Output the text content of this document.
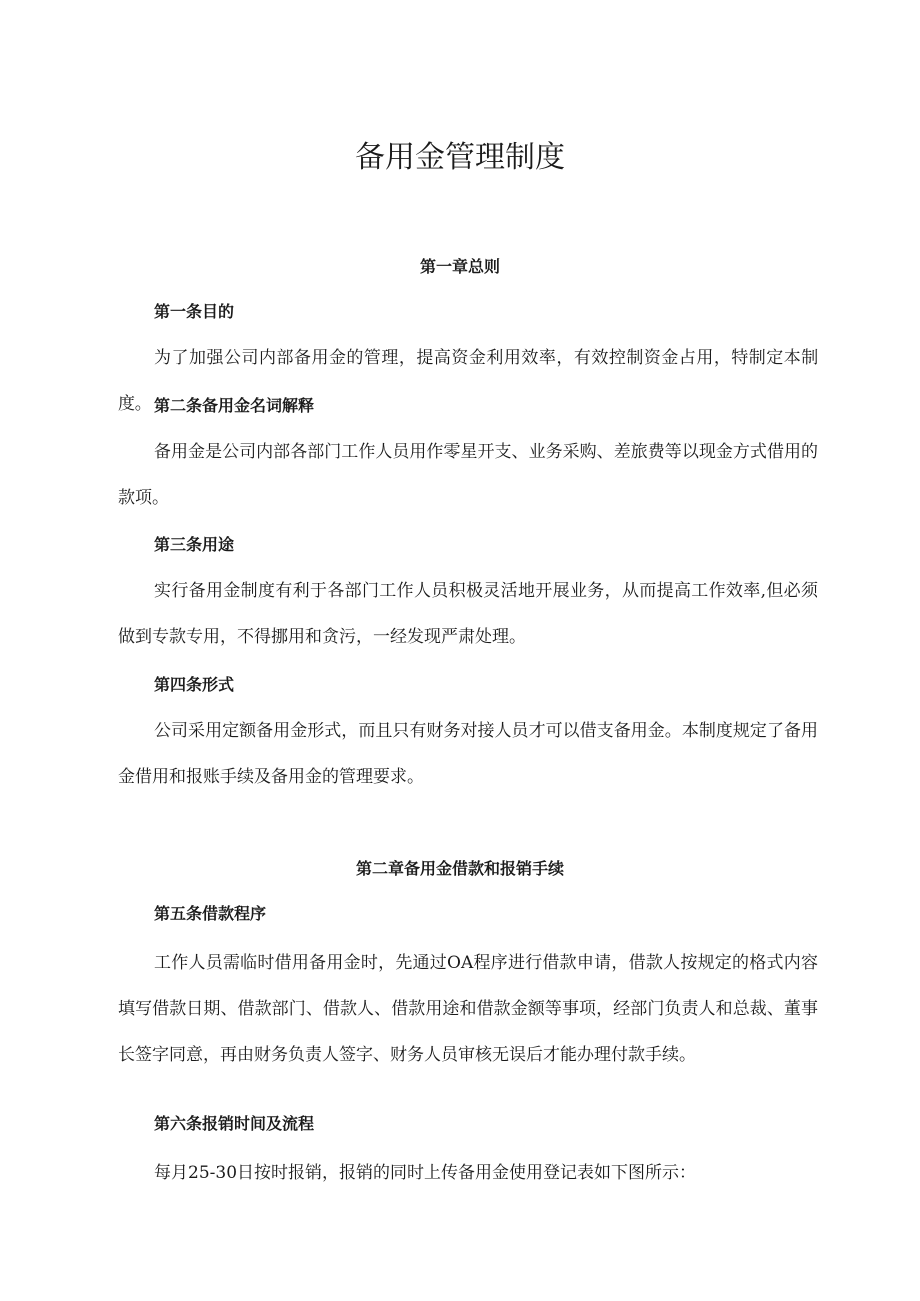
备用金管理制度
第一章总则
第一条目的

为了加强公司内部备用金的管理，提高资金利用效率，有效控制资金占用，特制定本制度。 第二条备用金名词解释

备用金是公司内部各部门工作人员用作零星开支、业务采购、差旅费等以现金方式借用的款项。

第三条用途

实行备用金制度有利于各部门工作人员积极灵活地开展业务，从而提高工作效率,但必须做到专款专用，不得挪用和贪污，一经发现严肃处理。

第四条形式

公司采用定额备用金形式，而且只有财务对接人员才可以借支备用金。本制度规定了备用金借用和报账手续及备用金的管理要求。

第二章备用金借款和报销手续
第五条借款程序

工作人员需临时借用备用金时，先通过OA程序进行借款申请，借款人按规定的格式内容填写借款日期、借款部门、借款人、借款用途和借款金额等事项，经部门负责人和总裁、董事长签字同意，再由财务负责人签字、财务人员审核无误后才能办理付款手续。

第六条报销时间及流程

每月25-30日按时报销，报销的同时上传备用金使用登记表如下图所示：
